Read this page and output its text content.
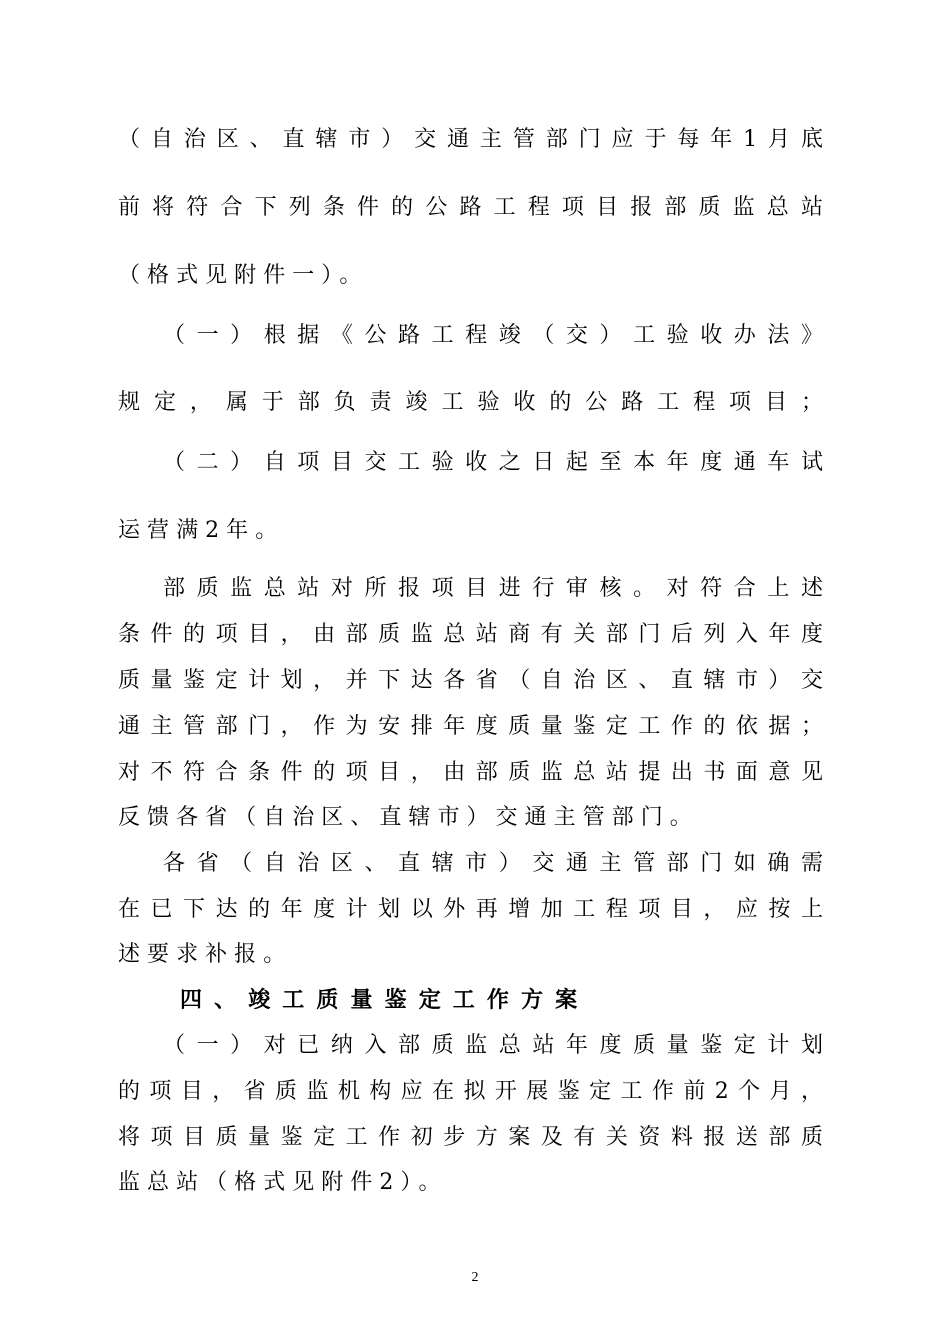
（自治区、直辖市）交通主管部门应于每年1月底
前将符合下列条件的公路工程项目报部质监总站
（格式见附件一）。
（一）根据《公路工程竣（交）工验收办法》
规定，属于部负责竣工验收的公路工程项目；
（二）自项目交工验收之日起至本年度通车试
运营满2年。
部质监总站对所报项目进行审核。对符合上述
条件的项目，由部质监总站商有关部门后列入年度
质量鉴定计划，并下达各省（自治区、直辖市）交
通主管部门，作为安排年度质量鉴定工作的依据；
对不符合条件的项目，由部质监总站提出书面意见
反馈各省（自治区、直辖市）交通主管部门。
各省（自治区、直辖市）交通主管部门如确需
在已下达的年度计划以外再增加工程项目，应按上
述要求补报。
四、竣工质量鉴定工作方案
（一）对已纳入部质监总站年度质量鉴定计划
的项目，省质监机构应在拟开展鉴定工作前2个月，
将项目质量鉴定工作初步方案及有关资料报送部质
监总站（格式见附件2）。
2
